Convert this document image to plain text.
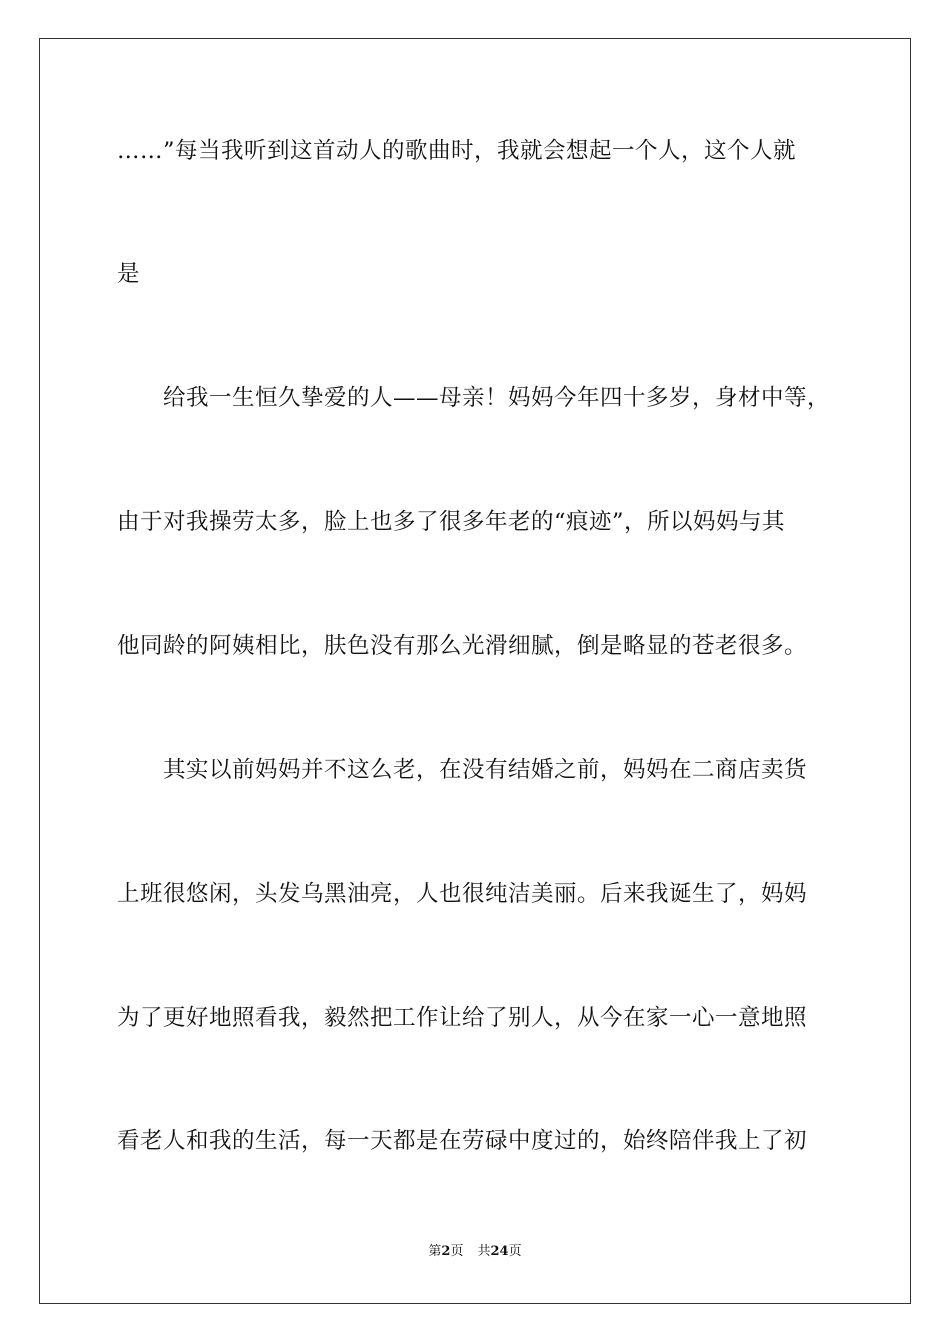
……”每当我听到这首动人的歌曲时，我就会想起一个人，这个人就
是
　　给我一生恒久挚爱的人——母亲！妈妈今年四十多岁，身材中等，
由于对我操劳太多，脸上也多了很多年老的“痕迹”，所以妈妈与其
他同龄的阿姨相比，肤色没有那么光滑细腻，倒是略显的苍老很多。
　　其实以前妈妈并不这么老，在没有结婚之前，妈妈在二商店卖货
上班很悠闲，头发乌黑油亮，人也很纯洁美丽。后来我诞生了，妈妈
为了更好地照看我，毅然把工作让给了别人，从今在家一心一意地照
看老人和我的生活，每一天都是在劳碌中度过的，始终陪伴我上了初
第2页 共24页
